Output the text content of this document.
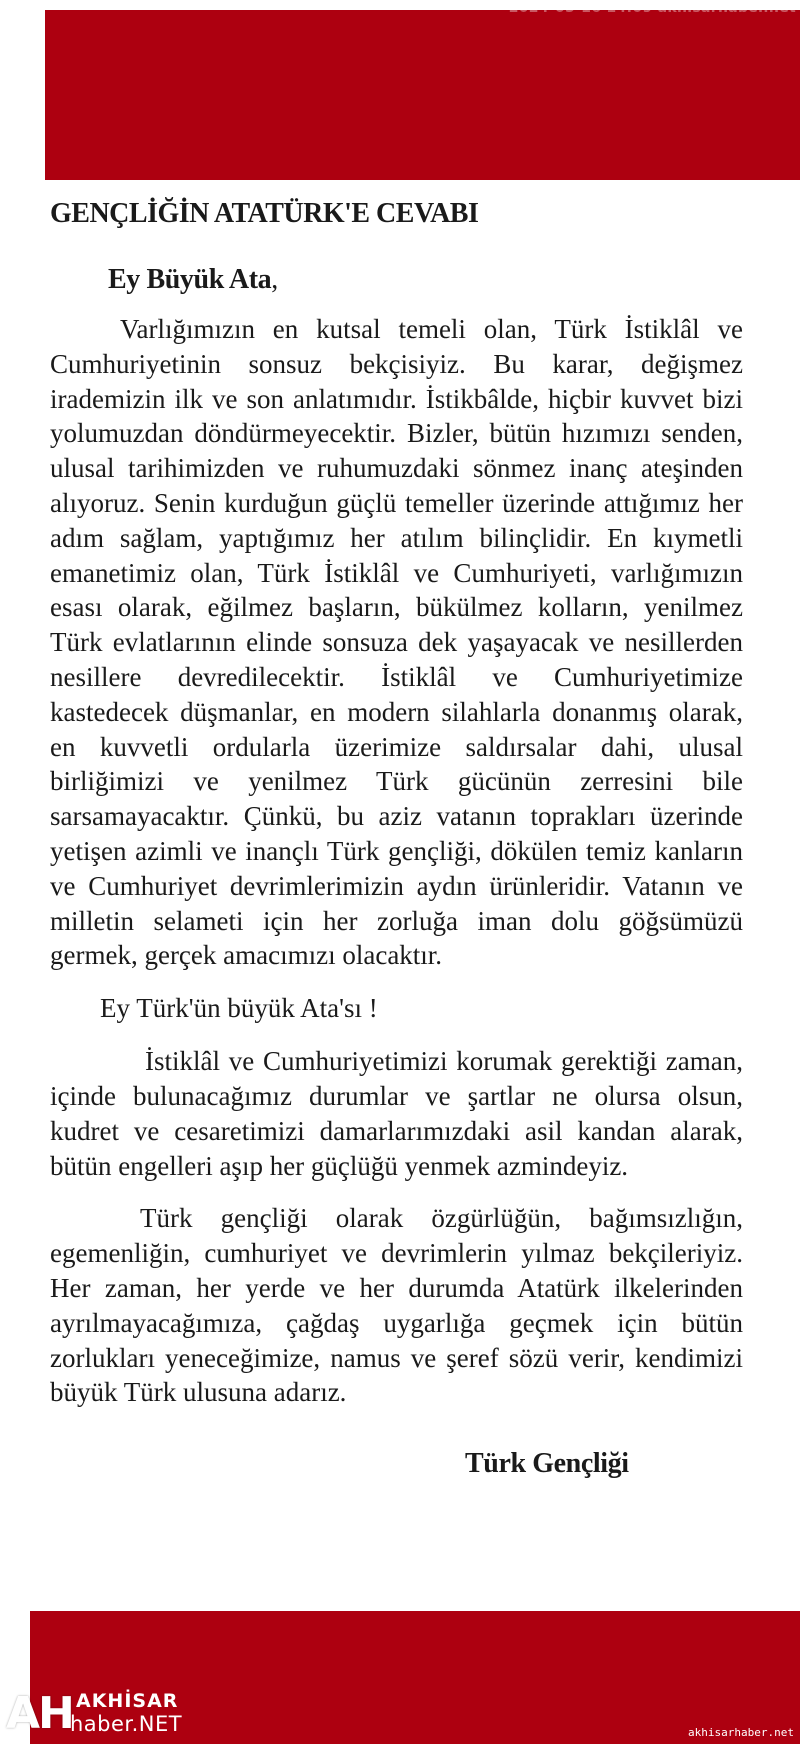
2024-05-16 14:09 akhisarhaber.net
GENÇLİĞİN ATATÜRK'E CEVABI
Ey Büyük Ata,

Varlığımızın en kutsal temeli olan, Türk İstiklâl ve Cumhuriyetinin sonsuz bekçisiyiz. Bu karar, değişmez irademizin ilk ve son anlatımıdır. İstikbâlde, hiçbir kuvvet bizi yolumuzdan döndürmeyecektir. Bizler, bütün hızımızı senden, ulusal tarihimizden ve ruhumuzdaki sönmez inanç ateşinden alıyoruz. Senin kurduğun güçlü temeller üzerinde attığımız her adım sağlam, yaptığımız her atılım bilinçlidir. En kıymetli emanetimiz olan, Türk İstiklâl ve Cumhuriyeti, varlığımızın esası olarak, eğilmez başların, bükülmez kolların, yenilmez Türk evlatlarının elinde sonsuza dek yaşayacak ve nesillerden nesillere devredilecektir. İstiklâl ve Cumhuriyetimize kastedecek düşmanlar, en modern silahlarla donanmış olarak, en kuvvetli ordularla üzerimize saldırsalar dahi, ulusal birliğimizi ve yenilmez Türk gücünün zerresini bile sarsamayacaktır. Çünkü, bu aziz vatanın toprakları üzerinde yetişen azimli ve inançlı Türk gençliği, dökülen temiz kanların ve Cumhuriyet devrimlerimizin aydın ürünleridir. Vatanın ve milletin selameti için her zorluğa iman dolu göğsümüzü germek, gerçek amacımızı olacaktır.

Ey Türk'ün büyük Ata'sı !

İstiklâl ve Cumhuriyetimizi korumak gerektiği zaman, içinde bulunacağımız durumlar ve şartlar ne olursa olsun, kudret ve cesaretimizi damarlarımızdaki asil kandan alarak, bütün engelleri aşıp her güçlüğü yenmek azmindeyiz.

Türk gençliği olarak özgürlüğün, bağımsızlığın, egemenliğin, cumhuriyet ve devrimlerin yılmaz bekçileriyiz. Her zaman, her yerde ve her durumda Atatürk ilkelerinden ayrılmayacağımıza, çağdaş uygarlığa geçmek için bütün zorlukları yeneceğimize, namus ve şeref sözü verir, kendimizi büyük Türk ulusuna adarız.

Türk Gençliği
AH AKHİSAR
haber.NET	akhisarhaber.net
